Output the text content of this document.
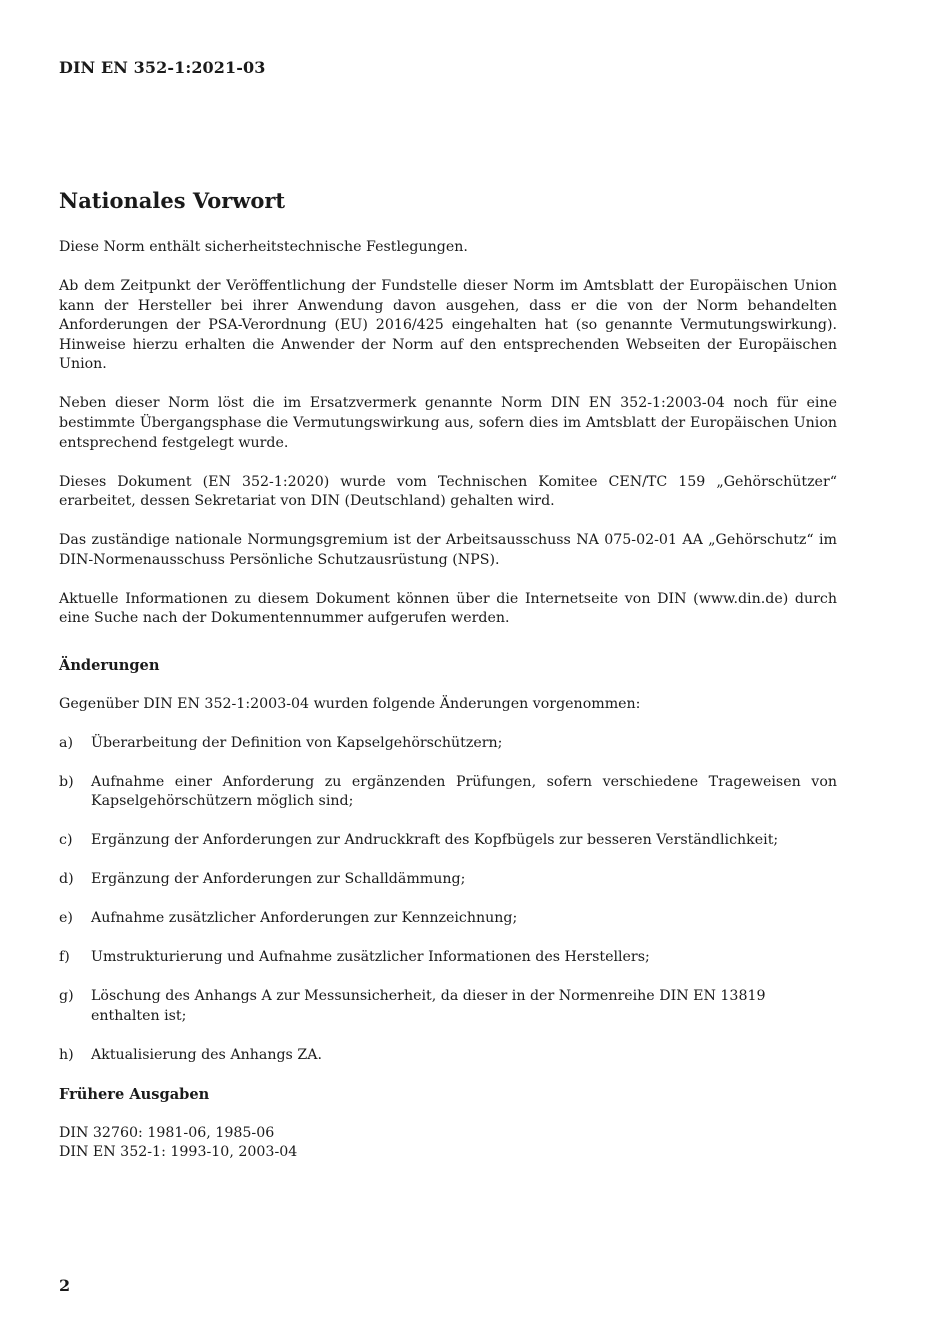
DIN EN 352-1:2021-03
Nationales Vorwort

Diese Norm enthält sicherheitstechnische Festlegungen.

Ab dem Zeitpunkt der Veröffentlichung der Fundstelle dieser Norm im Amtsblatt der Europäischen Union kann der Hersteller bei ihrer Anwendung davon ausgehen, dass er die von der Norm behandelten Anforderungen der PSA-Verordnung (EU) 2016/425 eingehalten hat (so genannte Vermutungswirkung). Hinweise hierzu erhalten die Anwender der Norm auf den entsprechenden Webseiten der Europäischen Union.

Neben dieser Norm löst die im Ersatzvermerk genannte Norm DIN EN 352-1:2003-04 noch für eine bestimmte Übergangsphase die Vermutungswirkung aus, sofern dies im Amtsblatt der Europäischen Union entsprechend festgelegt wurde.

Dieses Dokument (EN 352-1:2020) wurde vom Technischen Komitee CEN/TC 159 „Gehörschützer“ erarbeitet, dessen Sekretariat von DIN (Deutschland) gehalten wird.

Das zuständige nationale Normungsgremium ist der Arbeitsausschuss NA 075-02-01 AA „Gehörschutz“ im DIN-Normenausschuss Persönliche Schutzausrüstung (NPS).

Aktuelle Informationen zu diesem Dokument können über die Internetseite von DIN (www.din.de) durch eine Suche nach der Dokumentennummer aufgerufen werden.

Änderungen

Gegenüber DIN EN 352-1:2003-04 wurden folgende Änderungen vorgenommen:

a)	Überarbeitung der Definition von Kapselgehörschützern;
b)	Aufnahme einer Anforderung zu ergänzenden Prüfungen, sofern verschiedene Trageweisen von Kapselgehörschützern möglich sind;
c)	Ergänzung der Anforderungen zur Andruckkraft des Kopfbügels zur besseren Verständlichkeit;
d)	Ergänzung der Anforderungen zur Schalldämmung;
e)	Aufnahme zusätzlicher Anforderungen zur Kennzeichnung;
f)	Umstrukturierung und Aufnahme zusätzlicher Informationen des Herstellers;
g)	Löschung des Anhangs A zur Messunsicherheit, da dieser in der Normenreihe DIN EN 13819 enthalten ist;
h)	Aktualisierung des Anhangs ZA.
Frühere Ausgaben
DIN 32760: 1981-06, 1985-06
DIN EN 352-1: 1993-10, 2003-04
2
